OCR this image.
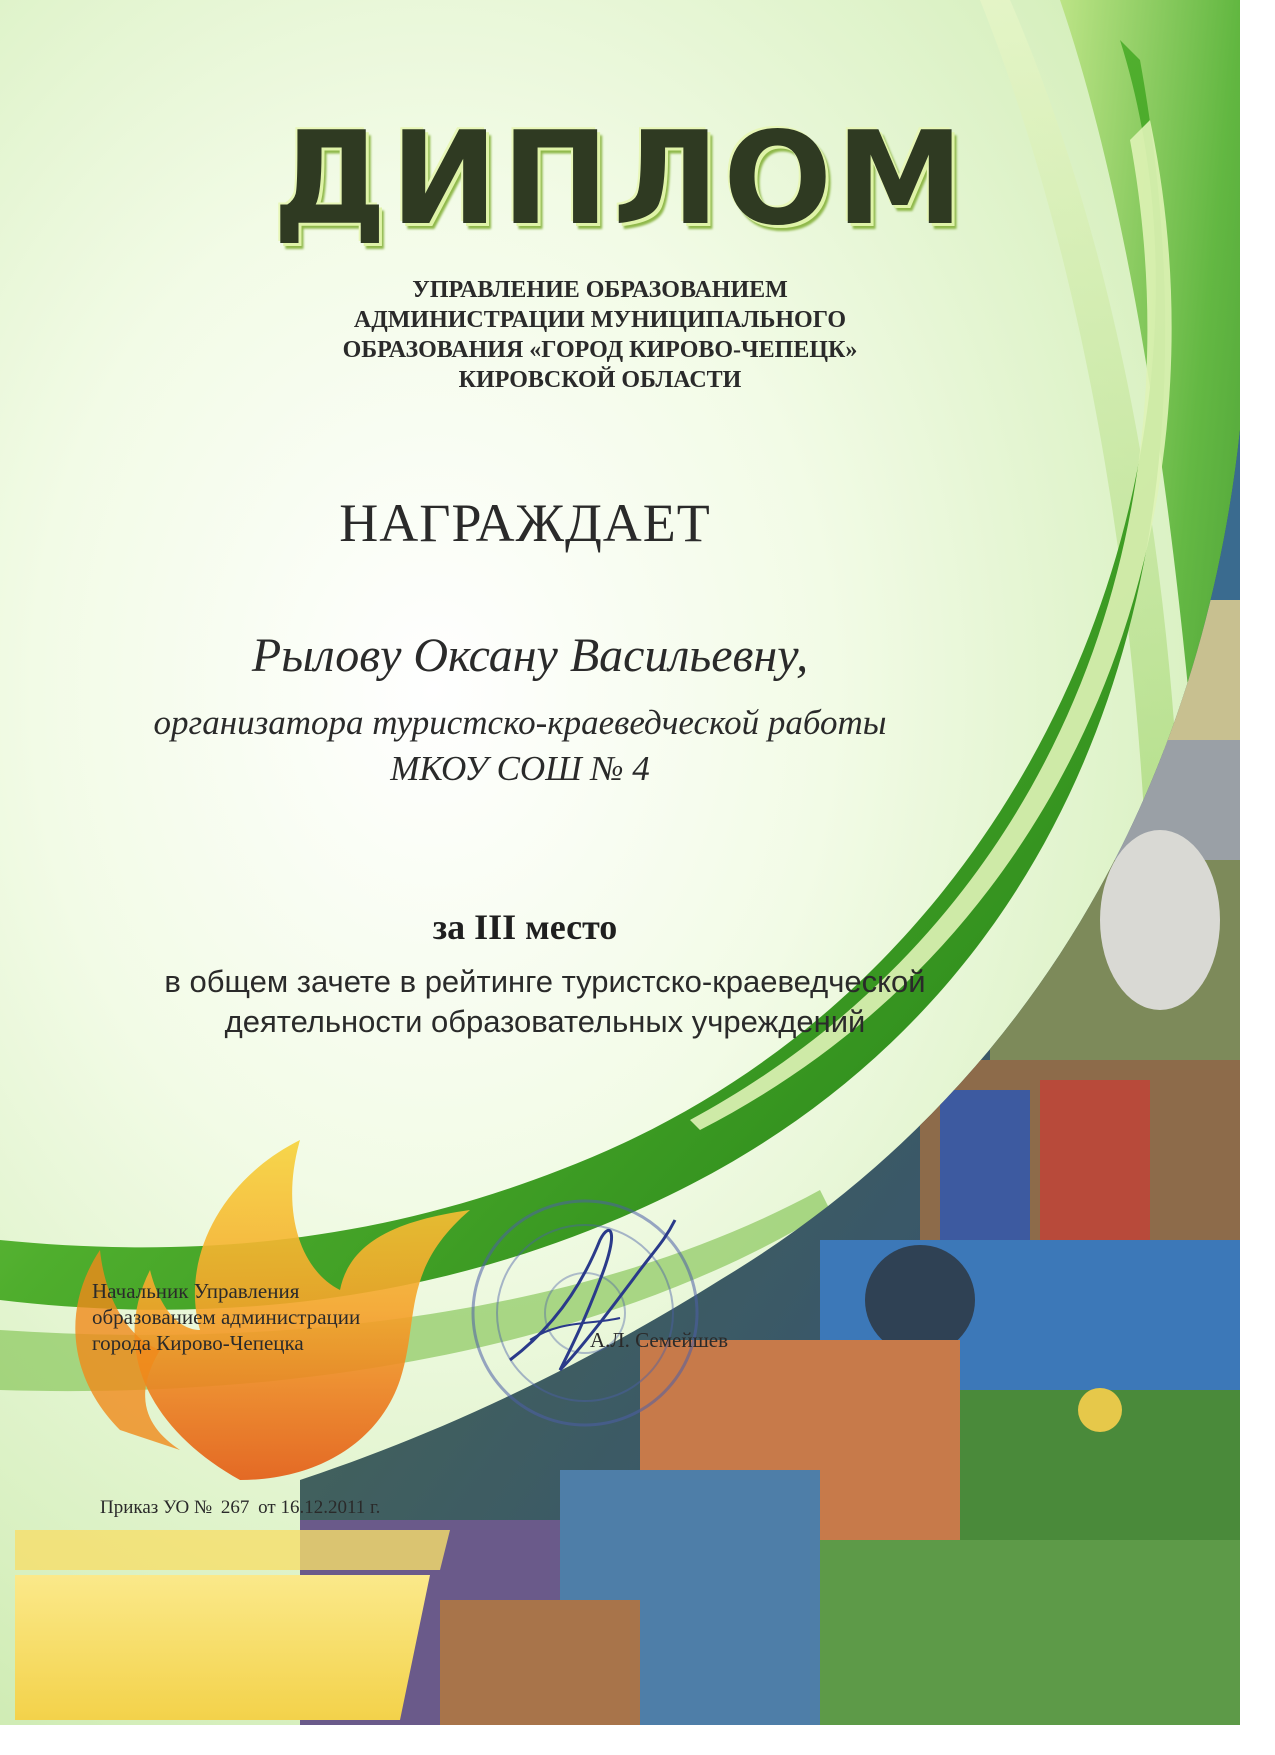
ДИПЛОМ
УПРАВЛЕНИЕ ОБРАЗОВАНИЕМ
АДМИНИСТРАЦИИ МУНИЦИПАЛЬНОГО
ОБРАЗОВАНИЯ «ГОРОД КИРОВО-ЧЕПЕЦК»
КИРОВСКОЙ ОБЛАСТИ
НАГРАЖДАЕТ
Рылову Оксану Васильевну,
организатора туристско-краеведческой работы
МКОУ СОШ № 4
за III место
в общем зачете в рейтинге туристско-краеведческой
деятельности образовательных учреждений
Начальник Управления
образованием администрации
города Кирово-Чепецка	А.Л. Семейшев
Приказ УО № 267 от 16.12.2011 г.
